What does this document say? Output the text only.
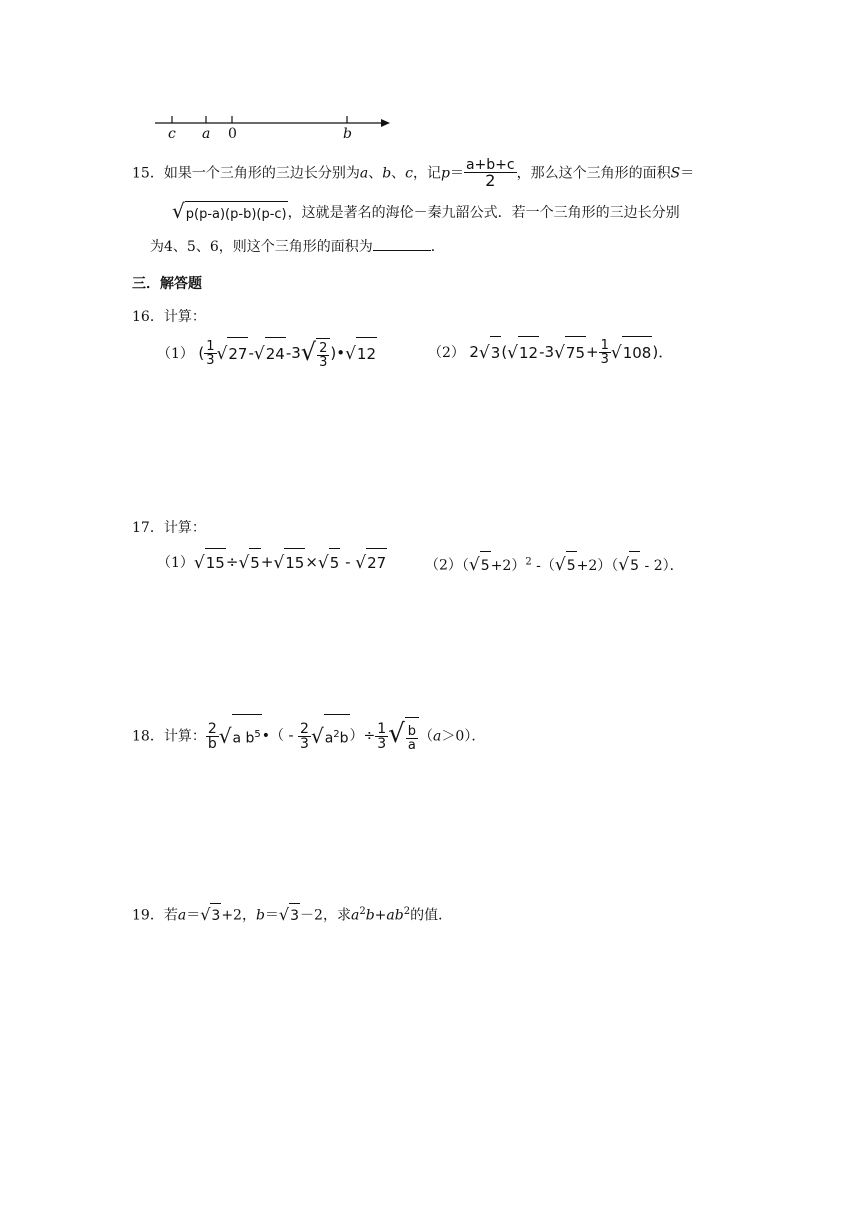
c a 0	b
15．如果一个三角形的三边长分别为a、b、c，记$p= \frac{a+b+c}{2}$ ，那么这个三角形的面积S＝
√p(p-a)(p-b)(p-c)，这就是著名的海伦－秦九韶公式．若一个三角形的三边长分别
为4、5、6，则这个三角形的面积为	．
三．解答题
16．计算：
（1） ( $\frac{1}{3} √27-√24-3√ \frac{2}{3}$ )•√12	（2） $2√3(√12-3√75+ \frac{1}{3} √108)$．
17．计算：
（1）√15÷√5+√15×√5 - √27	$(2)(√5+2)^2$ -（√5+2）（√5 - 2）．
18．计算： $\frac{2}{b} √a$ $b^5•( - \frac{2}{3} √a^2b)\div \frac{1}{3}$ √ $\frac{b}{a} (a>0)$．
19．若a＝√3+2，b＝√3－2，求$a^2b+ab^2$的值．
